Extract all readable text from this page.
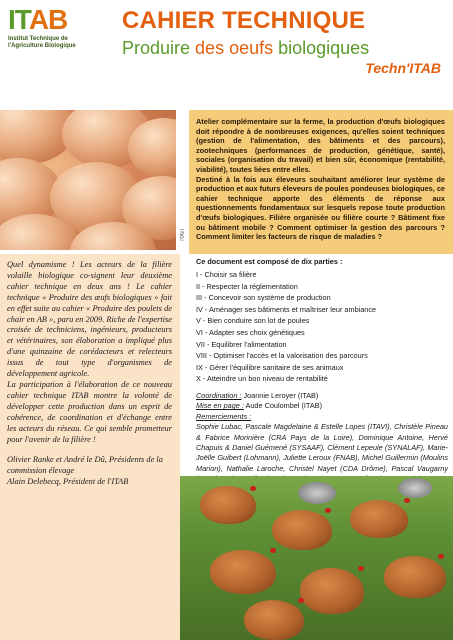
ITAB
Institut Technique de l'Agriculture Biologique
CAHIER TECHNIQUE
Produire des oeufs biologiques
Techn'ITAB
ITAVI

Atelier complémentaire sur la ferme, la production d'œufs biologiques doit répondre à de nombreuses exigences, qu'elles soient techniques (gestion de l'alimentation, des bâtiments et des parcours), zootechniques (performances de production, génétique, santé), sociales (organisation du travail) et bien sûr, économique (rentabilité, viabilité), toutes liées entre elles.

Destiné à la fois aux éleveurs souhaitant améliorer leur système de production et aux futurs éleveurs de poules pondeuses biologiques, ce cahier technique apporte des éléments de réponse aux questionnements fondamentaux sur lesquels repose toute production d'œufs biologiques. Filière organisée ou filière courte ? Bâtiment fixe ou bâtiment mobile ? Comment optimiser la gestion des parcours ? Comment limiter les facteurs de risque de maladies ?

Quel dynamisme ! Les acteurs de la filière volaille biologique co-signent leur deuxième cahier technique en deux ans ! Le cahier technique « Produire des œufs biologiques » fait en effet suite au cahier « Produire des poulets de chair en AB », paru en 2009. Riche de l'expertise croisée de techniciens, ingénieurs, producteurs et vétérinaires, son élaboration a impliqué plus d'une quinzaine de corédacteurs et relecteurs issus de tout type d'organismes de développement agricole.

La participation à l'élaboration de ce nouveau cahier technique ITAB montre la volonté de développer cette production dans un esprit de cohérence, de coordination et d'échange entre les acteurs du réseau. Ce qui semble prometteur pour l'avenir de la filière !

Olivier Ranke et André le Dû, Présidents de la commission élevage
Alain Delebecq, Président de l'ITAB
Ce document est composé de dix parties :
I - Choisir sa filière
II - Respecter la réglementation
III - Concevoir son système de production
IV - Aménager ses bâtiments et maîtriser leur ambiance
V - Bien conduire son lot de poules
VI - Adapter ses choix génétiques
VII - Equilibrer l'alimentation
VIII - Optimiser l'accès et la valorisation des parcours
IX - Gérer l'équilibre sanitaire de ses animaux
X - Atteindre un bon niveau de rentabilité
Coordination : Joannie Leroyer (ITAB)
Mise en page : Aude Coulombel (ITAB)
Remerciements :
Sophie Lubac, Pascale Magdelaine & Estelle Lopes (ITAVI), Christèle Pineau & Fabrice Morinière (CRA Pays de la Loire), Dominique Antoine, Hervé Chapuis & Daniel Guémené (SYSAAF), Clément Lepeule (SYNALAF), Marie-Joëlle Guibert (Lohmann), Juliette Leroux (FNAB), Michel Guillermin (Moulins Marion), Nathalie Laroche, Christel Nayet (CDA Drôme), Pascal Vaugarny
